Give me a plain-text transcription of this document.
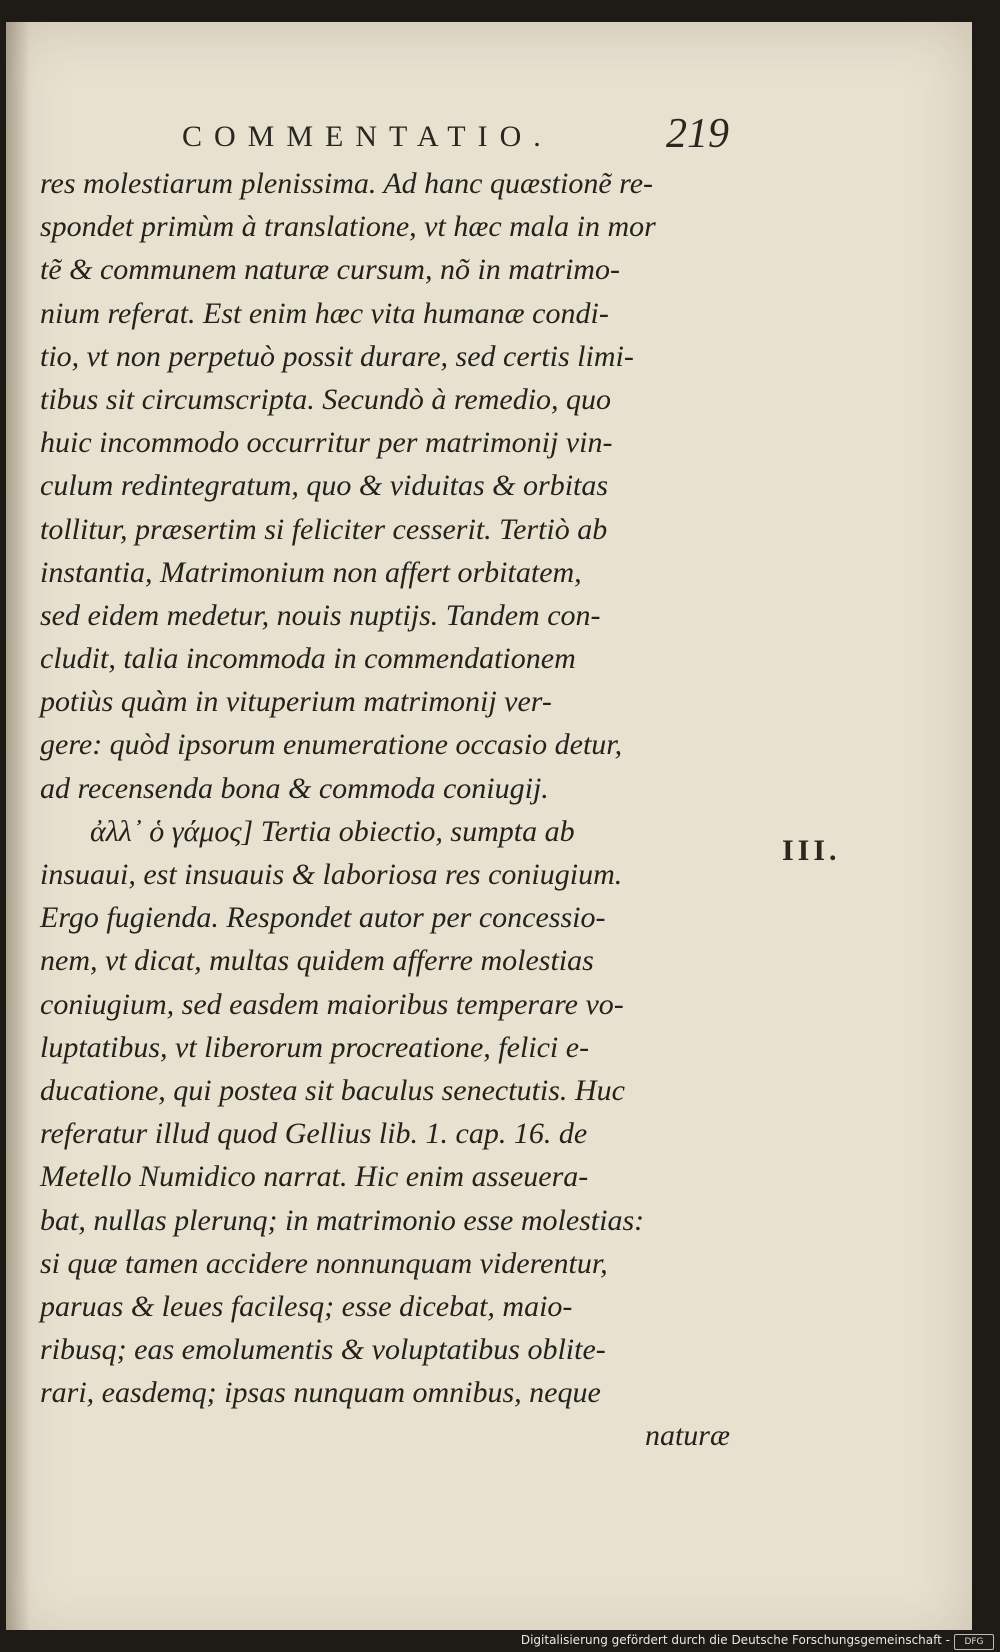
COMMENTATIO.	219
res molestiarum plenissima. Ad hanc quæstionẽ re-
spondet primùm à translatione, vt hæc mala in mor
tẽ & communem naturæ cursum, nõ in matrimo-
nium referat. Est enim hæc vita humanæ condi-
tio, vt non perpetuò possit durare, sed certis limi-
tibus sit circumscripta. Secundò à remedio, quo
huic incommodo occurritur per matrimonij vin-
culum redintegratum, quo & viduitas & orbitas
tollitur, præsertim si feliciter cesserit. Tertiò ab
instantia, Matrimonium non affert orbitatem,
sed eidem medetur, nouis nuptijs. Tandem con-
cludit, talia incommoda in commendationem
potiùs quàm in vituperium matrimonij ver-
gere: quòd ipsorum enumeratione occasio detur,
ad recensenda bona & commoda coniugij.
ἀλλ᾽ ὁ γάμος] Tertia obiectio, sumpta ab
insuaui, est insuauis & laboriosa res coniugium.
Ergo fugienda. Respondet autor per concessio-
nem, vt dicat, multas quidem afferre molestias
coniugium, sed easdem maioribus temperare vo-
luptatibus, vt liberorum procreatione, felici e-
ducatione, qui postea sit baculus senectutis. Huc
referatur illud quod Gellius lib. 1. cap. 16. de
Metello Numidico narrat. Hic enim asseuera-
bat, nullas plerunq; in matrimonio esse molestias:
si quæ tamen accidere nonnunquam viderentur,
paruas & leues facilesq; esse dicebat, maio-
ribusq; eas emolumentis & voluptatibus oblite-
rari, easdemq; ipsas nunquam omnibus, neque
naturæ
III.
Digitalisierung gefördert durch die Deutsche Forschungsgemeinschaft -	DFG
